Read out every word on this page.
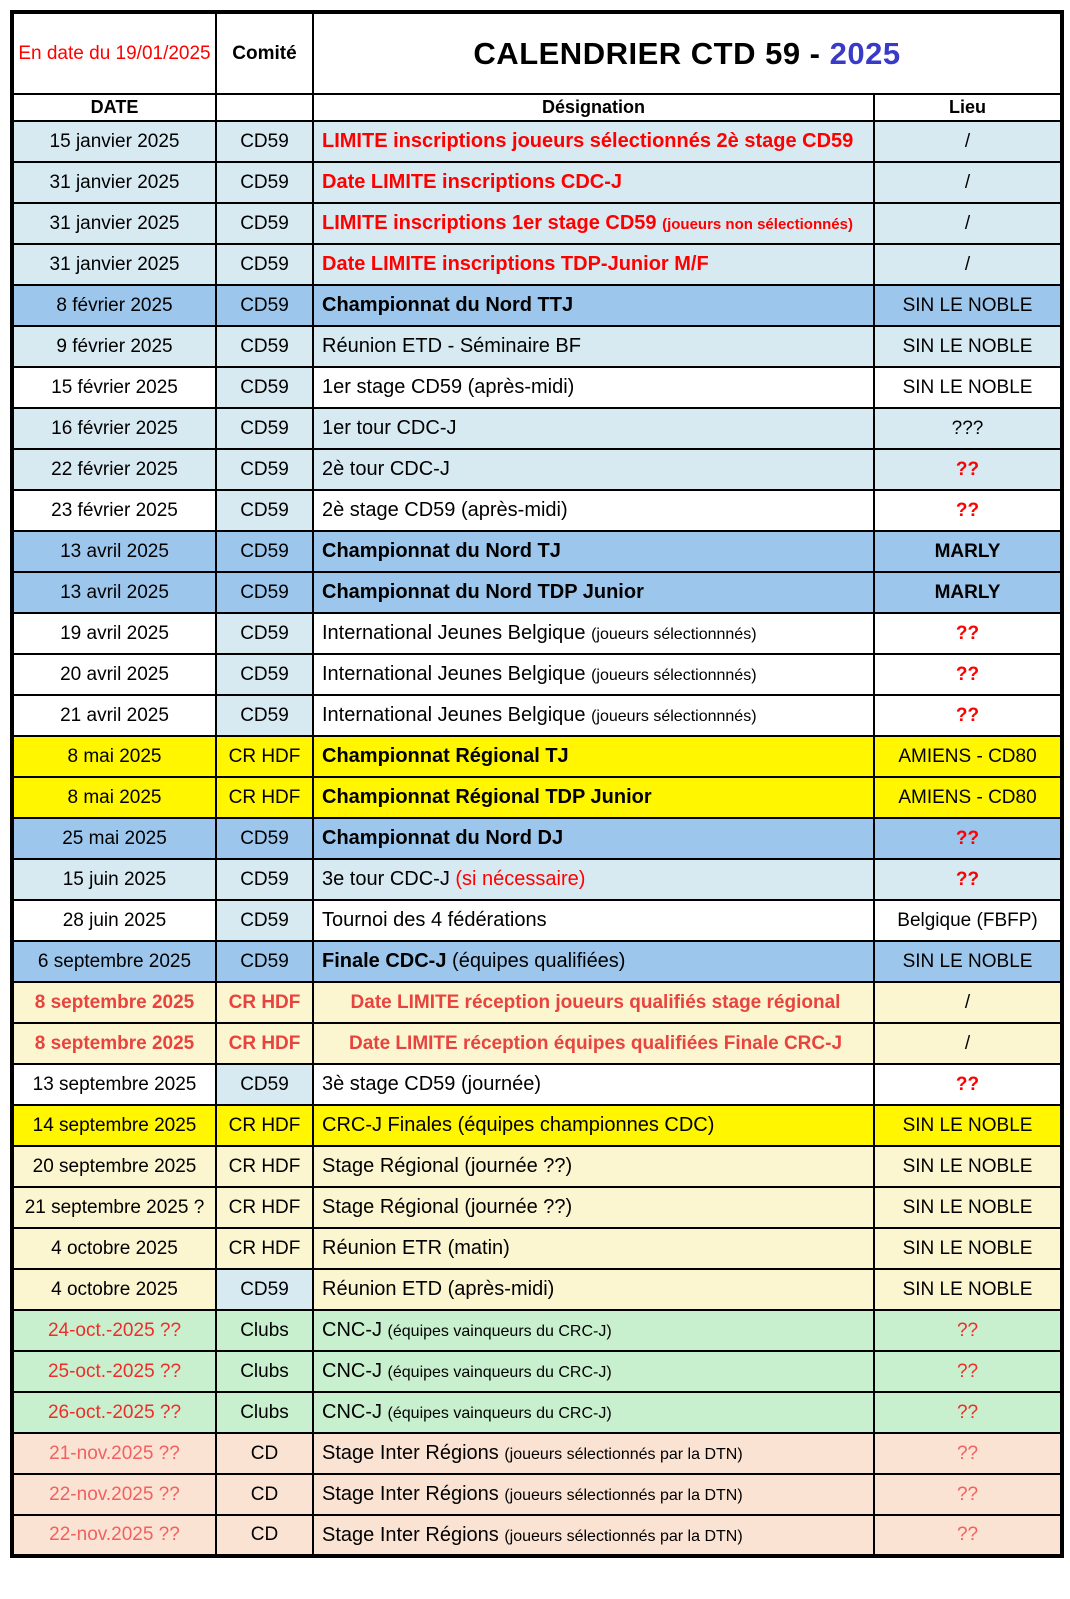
En date du 19/01/2025	Comité	CALENDRIER CTD 59 - 2025	
DATE		Désignation	Lieu
15 janvier 2025	CD59	LIMITE inscriptions joueurs sélectionnés 2è stage CD59	/
31 janvier 2025	CD59	Date LIMITE inscriptions CDC-J	/
31 janvier 2025	CD59	LIMITE inscriptions 1er stage CD59 (joueurs non sélectionnés)	/
31 janvier 2025	CD59	Date LIMITE inscriptions TDP-Junior M/F	/
8 février 2025	CD59	Championnat du Nord TTJ	SIN LE NOBLE
9 février 2025	CD59	Réunion ETD - Séminaire BF	SIN LE NOBLE
15 février 2025	CD59	1er stage CD59 (après-midi)	SIN LE NOBLE
16 février 2025	CD59	1er tour CDC-J	???
22 février 2025	CD59	2è tour CDC-J	??
23 février 2025	CD59	2è stage CD59 (après-midi)	??
13 avril 2025	CD59	Championnat du Nord TJ	MARLY
13 avril 2025	CD59	Championnat du Nord TDP Junior	MARLY
19 avril 2025	CD59	International Jeunes Belgique (joueurs sélectionnnés)	??
20 avril 2025	CD59	International Jeunes Belgique (joueurs sélectionnnés)	??
21 avril 2025	CD59	International Jeunes Belgique (joueurs sélectionnnés)	??
8 mai 2025	CR HDF	Championnat Régional TJ	AMIENS - CD80
8 mai 2025	CR HDF	Championnat Régional TDP Junior	AMIENS - CD80
25 mai 2025	CD59	Championnat du Nord DJ	??
15 juin 2025	CD59	3e tour CDC-J (si nécessaire)	??
28 juin 2025	CD59	Tournoi des 4 fédérations	Belgique (FBFP)
6 septembre 2025	CD59	Finale CDC-J (équipes qualifiées)	SIN LE NOBLE
8 septembre 2025	CR HDF	Date LIMITE réception joueurs qualifiés stage régional	/
8 septembre 2025	CR HDF	Date LIMITE réception équipes qualifiées Finale CRC-J	/
13 septembre 2025	CD59	3è stage CD59 (journée)	??
14 septembre 2025	CR HDF	CRC-J Finales (équipes championnes CDC)	SIN LE NOBLE
20 septembre 2025	CR HDF	Stage Régional (journée ??)	SIN LE NOBLE
21 septembre 2025 ?	CR HDF	Stage Régional (journée ??)	SIN LE NOBLE
4 octobre 2025	CR HDF	Réunion ETR (matin)	SIN LE NOBLE
4 octobre 2025	CD59	Réunion ETD (après-midi)	SIN LE NOBLE
24-oct.-2025 ??	Clubs	CNC-J (équipes vainqueurs du CRC-J)	??
25-oct.-2025 ??	Clubs	CNC-J (équipes vainqueurs du CRC-J)	??
26-oct.-2025 ??	Clubs	CNC-J (équipes vainqueurs du CRC-J)	??
21-nov.2025 ??	CD	Stage Inter Régions (joueurs sélectionnés par la DTN)	??
22-nov.2025 ??	CD	Stage Inter Régions (joueurs sélectionnés par la DTN)	??
22-nov.2025 ??	CD	Stage Inter Régions (joueurs sélectionnés par la DTN)	??
